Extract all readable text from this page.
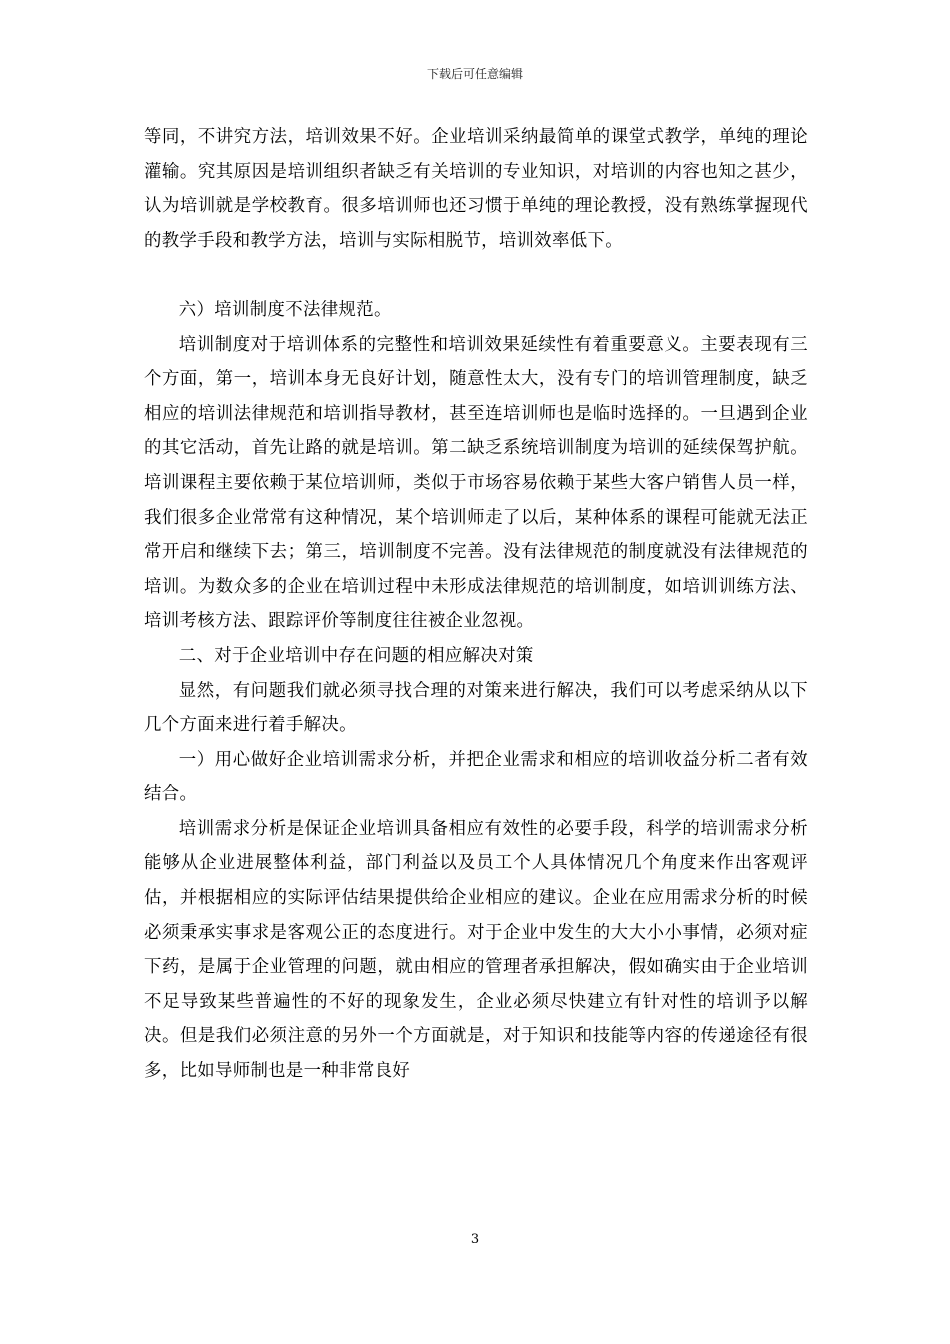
下载后可任意编辑

等同，不讲究方法，培训效果不好。企业培训采纳最简单的课堂式教学，单纯的理论灌输。究其原因是培训组织者缺乏有关培训的专业知识，对培训的内容也知之甚少，认为培训就是学校教育。很多培训师也还习惯于单纯的理论教授，没有熟练掌握现代的教学手段和教学方法，培训与实际相脱节，培训效率低下。

六）培训制度不法律规范。

培训制度对于培训体系的完整性和培训效果延续性有着重要意义。主要表现有三个方面，第一，培训本身无良好计划，随意性太大，没有专门的培训管理制度，缺乏相应的培训法律规范和培训指导教材，甚至连培训师也是临时选择的。一旦遇到企业的其它活动，首先让路的就是培训。第二缺乏系统培训制度为培训的延续保驾护航。培训课程主要依赖于某位培训师，类似于市场容易依赖于某些大客户销售人员一样，我们很多企业常常有这种情况，某个培训师走了以后，某种体系的课程可能就无法正常开启和继续下去；第三，培训制度不完善。没有法律规范的制度就没有法律规范的培训。为数众多的企业在培训过程中未形成法律规范的培训制度，如培训训练方法、培训考核方法、跟踪评价等制度往往被企业忽视。

二、对于企业培训中存在问题的相应解决对策

显然，有问题我们就必须寻找合理的对策来进行解决，我们可以考虑采纳从以下几个方面来进行着手解决。

一）用心做好企业培训需求分析，并把企业需求和相应的培训收益分析二者有效结合。

培训需求分析是保证企业培训具备相应有效性的必要手段，科学的培训需求分析能够从企业进展整体利益，部门利益以及员工个人具体情况几个角度来作出客观评估，并根据相应的实际评估结果提供给企业相应的建议。企业在应用需求分析的时候必须秉承实事求是客观公正的态度进行。对于企业中发生的大大小小事情，必须对症下药，是属于企业管理的问题，就由相应的管理者承担解决，假如确实由于企业培训不足导致某些普遍性的不好的现象发生，企业必须尽快建立有针对性的培训予以解决。但是我们必须注意的另外一个方面就是，对于知识和技能等内容的传递途径有很多，比如导师制也是一种非常良好

3
